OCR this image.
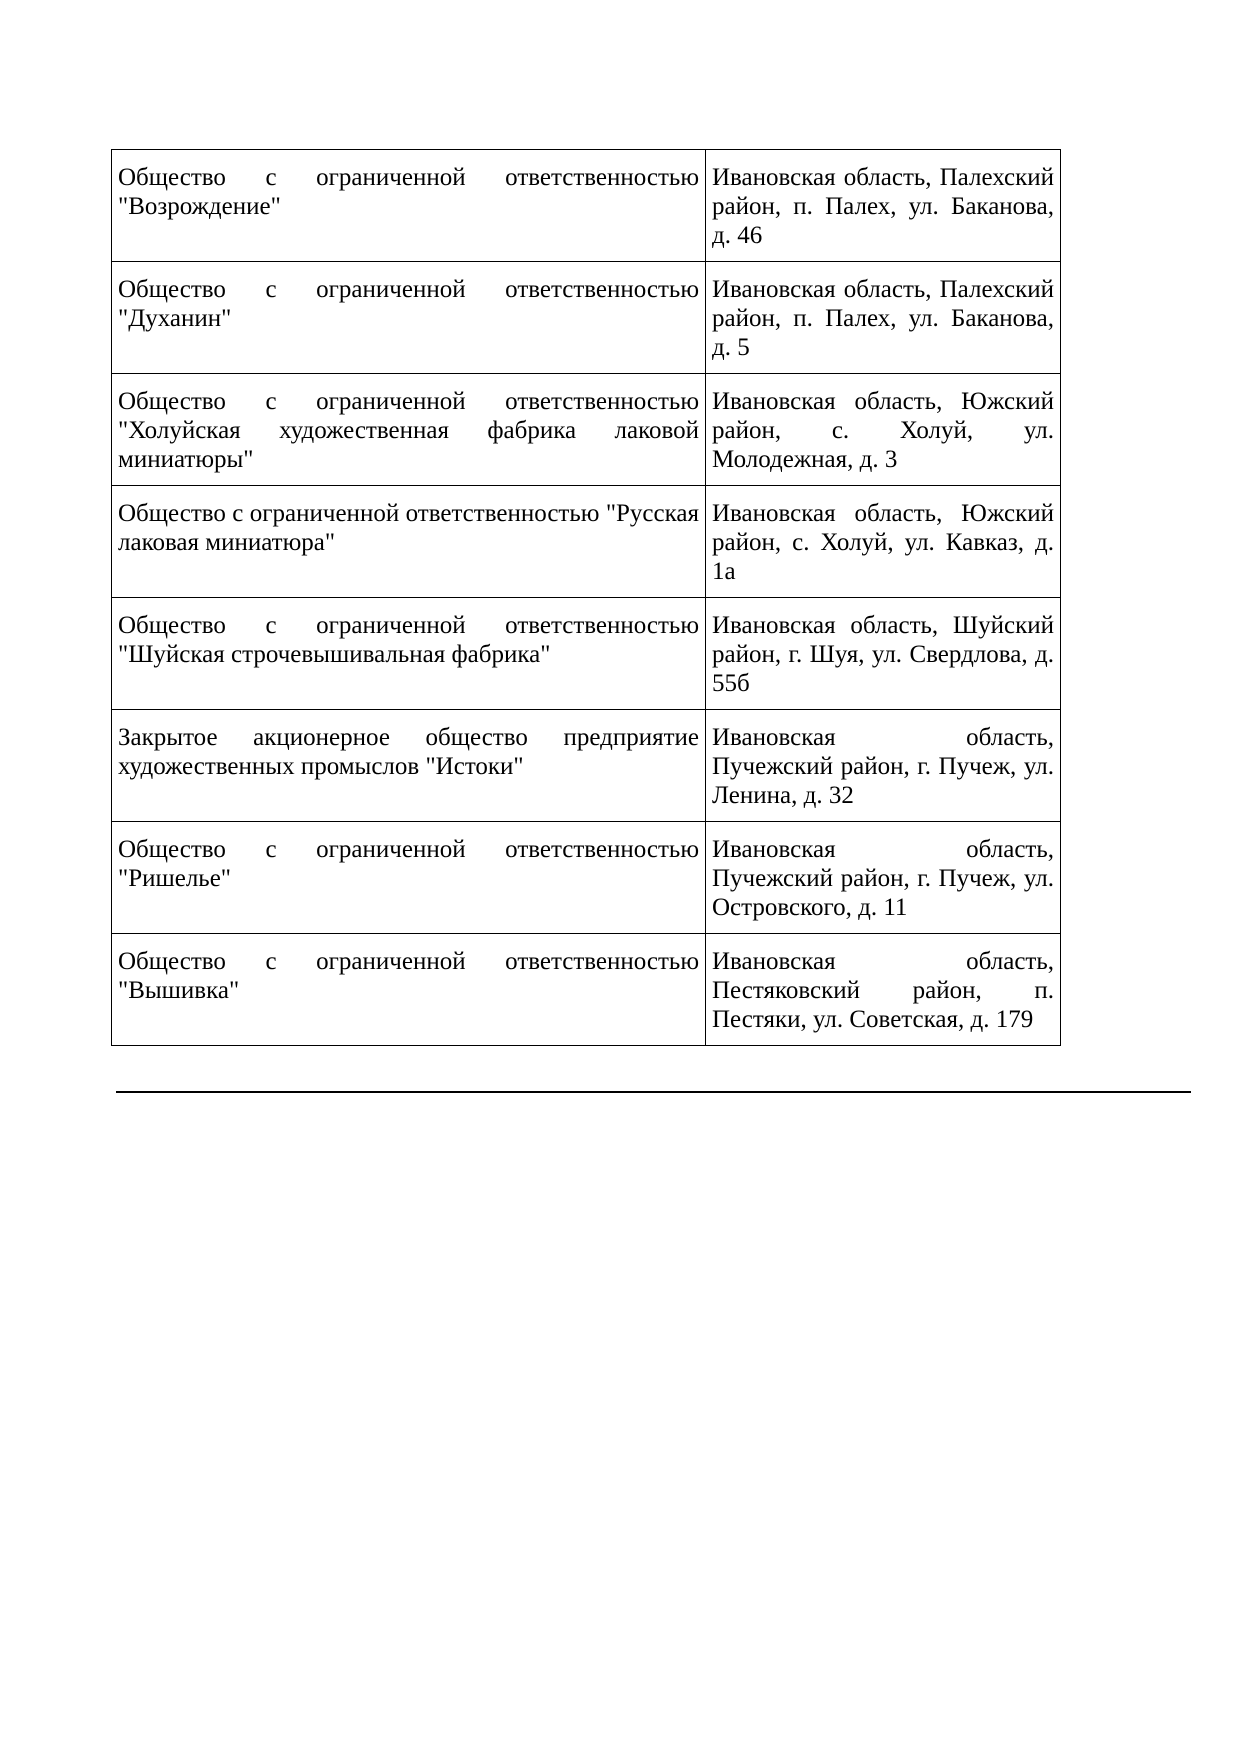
Общество с ограниченной ответственностью "Возрождение"	Ивановская область, Палехский район, п. Палех, ул. Баканова, д. 46
Общество с ограниченной ответственностью "Духанин"	Ивановская область, Палехский район, п. Палех, ул. Баканова, д. 5
Общество с ограниченной ответственностью "Холуйская художественная фабрика лаковой миниатюры"	Ивановская область, Южский район, с. Холуй, ул. Молодежная, д. 3
Общество с ограниченной ответственностью "Русская лаковая миниатюра"	Ивановская область, Южский район, с. Холуй, ул. Кавказ, д. 1а
Общество с ограниченной ответственностью "Шуйская строчевышивальная фабрика"	Ивановская область, Шуйский район, г. Шуя, ул. Свердлова, д. 55б
Закрытое акционерное общество предприятие художественных промыслов "Истоки"	Ивановская область, Пучежский район, г. Пучеж, ул. Ленина, д. 32
Общество с ограниченной ответственностью "Ришелье"	Ивановская область, Пучежский район, г. Пучеж, ул. Островского, д. 11
Общество с ограниченной ответственностью "Вышивка"	Ивановская область, Пестяковский район, п. Пестяки, ул. Советская, д. 179
